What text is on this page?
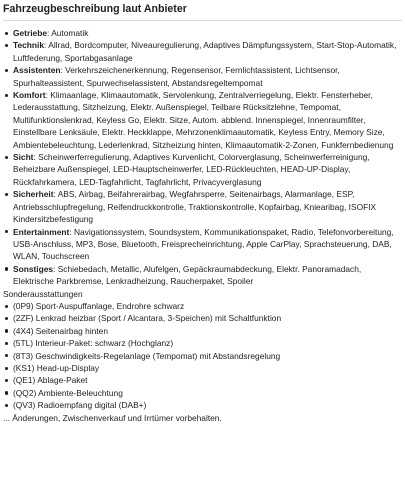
Fahrzeugbeschreibung laut Anbieter
Getriebe: Automatik
Technik: Allrad, Bordcomputer, Niveauregulierung, Adaptives Dämpfungssystem, Start-Stop-Automatik, Luftfederung, Sportabgasanlage
Assistenten: Verkehrszeichenerkennung, Regensensor, Fernlichtassistent, Lichtsensor, Spurhalteassistent, Spurwechselassistent, Abstandsregeltempomat
Komfort: Klimaanlage, Klimaautomatik, Servolenkung, Zentralverriegelung, Elektr. Fensterheber, Lederausstattung, Sitzheizung, Elektr. Außenspiegel, Teilbare Rücksitzlehne, Tempomat, Multifunktionslenkrad, Keyless Go, Elektr. Sitze, Autom. abblend. Innenspiegel, Innenraumfilter, Einstellbare Lenksäule, Elektr. Heckklappe, Mehrzonenklimaautomatik, Keyless Entry, Memory Size, Ambientebeleuchtung, Lederlenkrad, Sitzheizung hinten, Klimaautomatik-2-Zonen, Funkfernbedienung
Sicht: Scheinwerferregulierung, Adaptives Kurvenlicht, Colorverglasung, Scheinwerferreinigung, Beheizbare Außenspiegel, LED-Hauptscheinwerfer, LED-Rückleuchten, HEAD-UP-Display, Rückfahrkamera, LED-Tagfahrlicht, Tagfahrlicht, Privacyverglasung
Sicherheit: ABS, Airbag, Beifahrerairbag, Wegfahrsperre, Seitenairbags, Alarmanlage, ESP, Antriebsschlupfregelung, Reifendruckkontrolle, Traktionskontrolle, Kopfairbag, Kniearibag, ISOFIX Kindersitzbefestigung
Entertainment: Navigationssystem, Soundsystem, Kommunikationspaket, Radio, Telefonvorbereitung, USB-Anschluss, MP3, Bose, Bluetooth, Freisprecheinrichtung, Apple CarPlay, Sprachsteuerung, DAB, WLAN, Touchscreen
Sonstiges: Schiebedach, Metallic, Alufelgen, Gepäckraumabdeckung, Elektr. Panoramadach, Elektrische Parkbremse, Lenkradheizung, Raucherpaket, Spoiler
Sonderausstattungen
(0P9) Sport-Auspuffanlage, Endrohre schwarz
(2ZF) Lenkrad heizbar (Sport / Alcantara, 3-Speichen) mit Schaltfunktion
(4X4) Seitenairbag hinten
(5TL) Interieur-Paket: schwarz (Hochglanz)
(8T3) Geschwindigkeits-Regelanlage (Tempomat) mit Abstandsregelung
(KS1) Head-up-Display
(QE1) Ablage-Paket
(QQ2) Ambiente-Beleuchtung
(QV3) Radioempfang digital (DAB+)
... Änderungen, Zwischenverkauf und Irrtümer vorbehalten.
